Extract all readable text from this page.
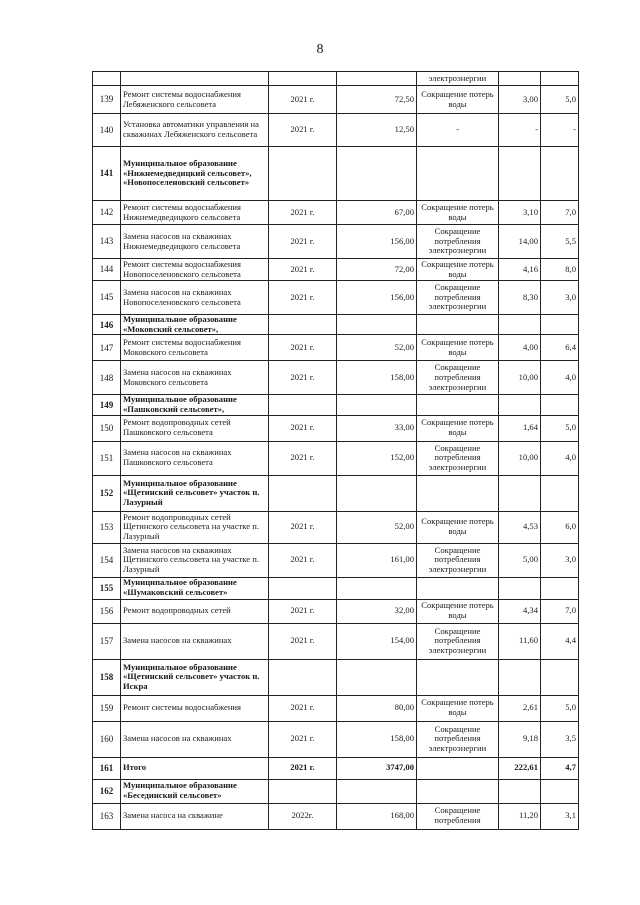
8
				электроэнергии		
139	Ремонт системы водоснабжения Лебяженского сельсовета	2021 г.	72,50	Сокращение потерь воды	3,00	5,0
140	Установка автоматики управления на скважинах Лебяженского сельсовета	2021 г.	12,50	-	-	-
141	Муниципальное образование «Нижнемедведицкий сельсовет», «Новопоселеновский сельсовет»					
142	Ремонт системы водоснабжения Нижнемедведицкого сельсовета	2021 г.	67,00	Сокращение потерь воды	3,10	7,0
143	Замена насосов на скважинах Нижнемедведицкого сельсовета	2021 г.	156,00	Сокращение потребления электроэнергии	14,00	5,5
144	Ремонт системы водоснабжения Новопоселеновского сельсовета	2021 г.	72,00	Сокращение потерь воды	4,16	8,0
145	Замена насосов на скважинах Новопоселеновского сельсовета	2021 г.	156,00	Сокращение потребления электроэнергии	8,30	3,0
146	Муниципальное образование «Моковский сельсовет»,					
147	Ремонт системы водоснабжения Моковского сельсовета	2021 г.	52,00	Сокращение потерь воды	4,00	6,4
148	Замена насосов на скважинах Моковского сельсовета	2021 г.	158,00	Сокращение потребления электроэнергии	10,00	4,0
149	Муниципальное образование «Пашковский сельсовет»,					
150	Ремонт водопроводных сетей Пашковского сельсовета	2021 г.	33,00	Сокращение потерь воды	1,64	5,0
151	Замена насосов на скважинах Пашковского сельсовета	2021 г.	152,00	Сокращение потребления электроэнергии	10,00	4,0
152	Муниципальное образование «Щетинский сельсовет» участок п. Лазурный					
153	Ремонт водопроводных сетей Щетинского сельсовета на участке п. Лазурный	2021 г.	52,00	Сокращение потерь воды	4,53	6,0
154	Замена насосов на скважинах Щетинского сельсовета на участке п. Лазурный	2021 г.	161,00	Сокращение потребления электроэнергии	5,00	3,0
155	Муниципальное образование «Шумаковский сельсовет»					
156	Ремонт водопроводных сетей	2021 г.	32,00	Сокращение потерь воды	4,34	7,0
157	Замена насосов на скважинах	2021 г.	154,00	Сокращение потребления электроэнергии	11,60	4,4
158	Муниципальное образование «Щетинский сельсовет» участок п. Искра					
159	Ремонт системы водоснабжения	2021 г.	80,00	Сокращение потерь воды	2,61	5,0
160	Замена насосов на скважинах	2021 г.	158,00	Сокращение потребления электроэнергии	9,18	3,5
161	Итого	2021 г.	3747,00		222,61	4,7
162	Муниципальное образование «Бесединский сельсовет»					
163	Замена насоса на скважине	2022г.	168,00	Сокращение потребления	11,20	3,1
